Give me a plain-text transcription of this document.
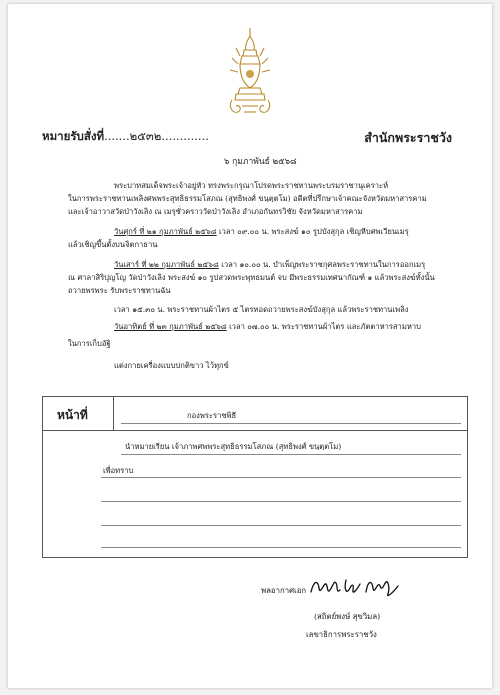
หมายรับสั่งที่.......๒๕๓๒.............	สำนักพระราชวัง
๖ กุมภาพันธ์ ๒๕๖๘
พระบาทสมเด็จพระเจ้าอยู่หัว ทรงพระกรุณาโปรดพระราชทานพระบรมราชานุเคราะห์
ในการพระราชทานเพลิงศพพระสุทธิธรรมโสภณ (สุทธิพงศ์ ขนฺตฺตโม) อดีตที่ปรึกษาเจ้าคณะจังหวัดมหาสารคาม
และเจ้าอาวาสวัดป่าวังเลิง ณ เมรุชั่วคราววัดป่าวังเลิง อำเภอกันทรวิชัย จังหวัดมหาสารคาม
วันศุกร์ ที่ ๒๑ กุมภาพันธ์ ๒๕๖๘ เวลา ๐๙.๐๐ น. พระสงฆ์ ๑๐ รูปบังสุกุล เชิญหีบศพเวียนเมรุ
แล้วเชิญขึ้นตั้งบนจิตกาธาน
วันเสาร์ ที่ ๒๒ กุมภาพันธ์ ๒๕๖๘ เวลา ๑๐.๐๐ น. บำเพ็ญพระราชกุศลพระราชทานในการออกเมรุ
ณ ศาลาสิริปุญโญ วัดป่าวังเลิง พระสงฆ์ ๑๐ รูปสวดพระพุทธมนต์ จบ มีพระธรรมเทศนากัณฑ์ ๑ แล้วพระสงฆ์ทั้งนั้น
ถวายพรพระ รับพระราชทานฉัน
เวลา ๑๕.๓๐ น. พระราชทานผ้าไตร ๕ ไตรทอดถวายพระสงฆ์บังสุกุล แล้วพระราชทานเพลิง
วันอาทิตย์ ที่ ๒๓ กุมภาพันธ์ ๒๕๖๘ เวลา ๐๗.๐๐ น. พระราชทานผ้าไตร และภัตตาหารสามหาบ
ในการเก็บอัฐิ
แต่งกายเครื่องแบบปกติขาว ไว้ทุกข์
หน้าที่	กองพระราชพิธี
นำหมายเรียน เจ้าภาพศพพระสุทธิธรรมโสภณ (สุทธิพงศ์ ขนฺตฺตโม)
เพื่อทราบ
พลอากาศเอก
(สถิตย์พงษ์ สุขวิมล)
เลขาธิการพระราชวัง
